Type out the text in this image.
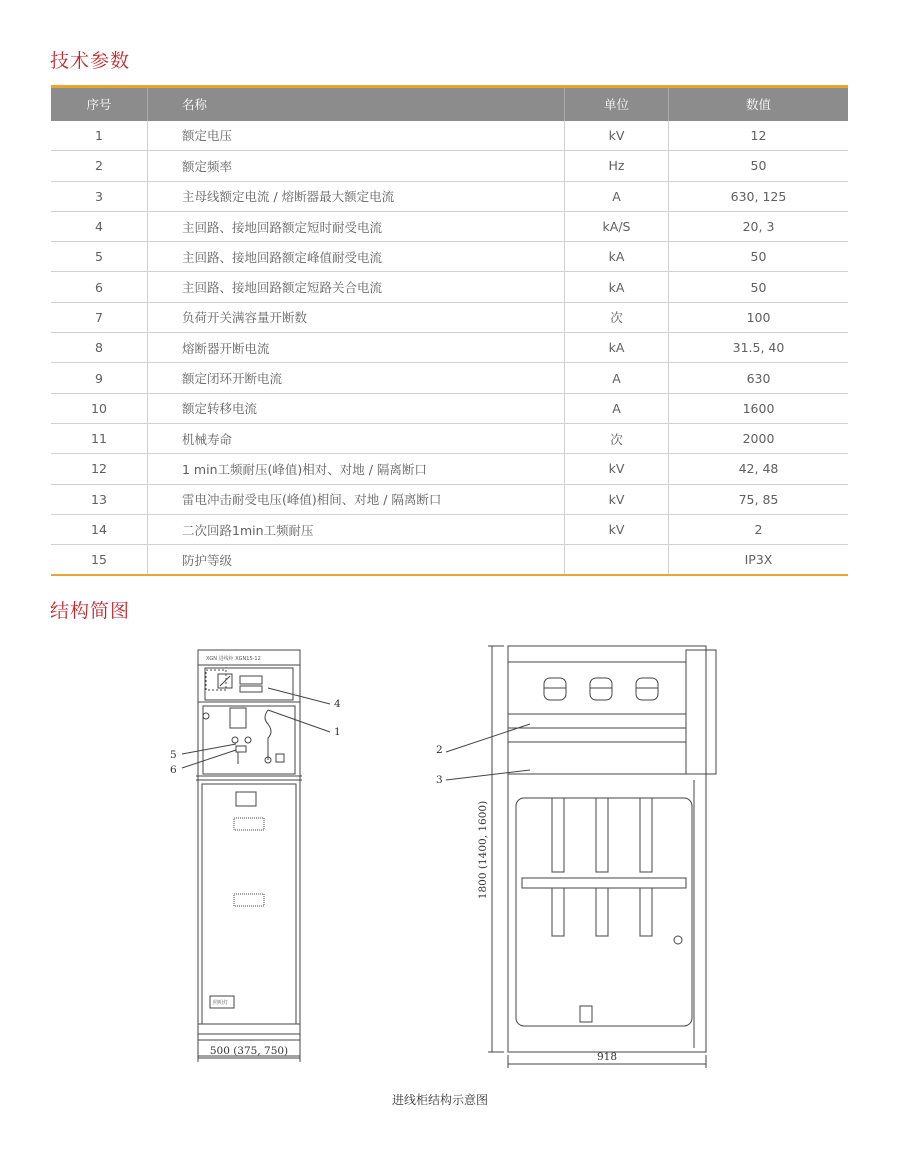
技术参数
序号	名称	单位	数值
1	额定电压	kV	12
2	额定频率	Hz	50
3	主母线额定电流 / 熔断器最大额定电流	A	630, 125
4	主回路、接地回路额定短时耐受电流	kA/S	20, 3
5	主回路、接地回路额定峰值耐受电流	kA	50
6	主回路、接地回路额定短路关合电流	kA	50
7	负荷开关满容量开断数	次	100
8	熔断器开断电流	kA	31.5, 40
9	额定闭环开断电流	A	630
10	额定转移电流	A	1600
11	机械寿命	次	2000
12	1 min工频耐压(峰值)相对、对地 / 隔离断口	kV	42, 48
13	雷电冲击耐受电压(峰值)相间、对地 / 隔离断口	kV	75, 85
14	二次回路1min工频耐压	kV	2
15	防护等级		IP3X
结构简图
XGN 进线柜 XGN15-12
照明灯
500 (375, 750)
1800 (1400, 1600)
918
4
1
5
6
2
3
进线柜结构示意图
